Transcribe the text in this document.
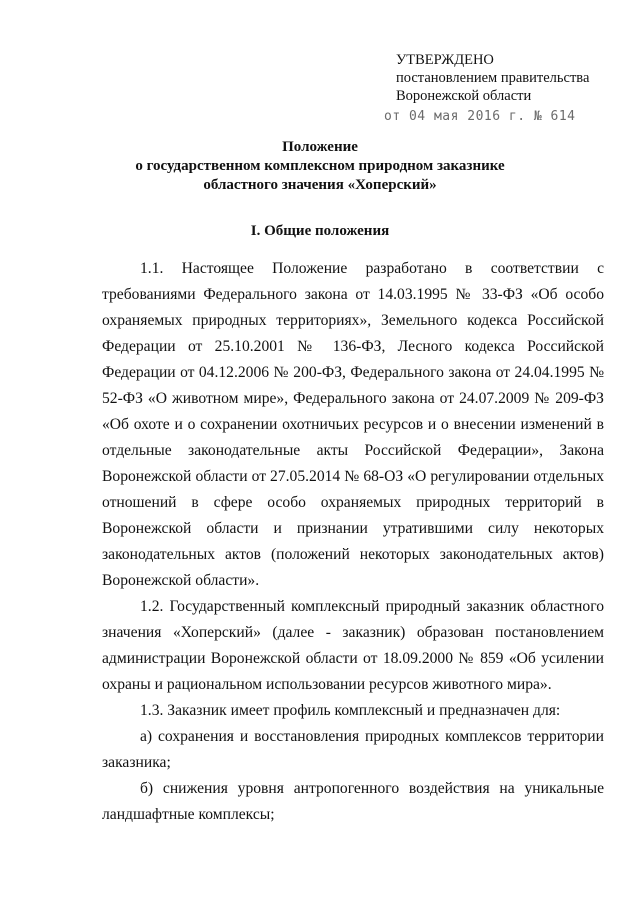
УТВЕРЖДЕНО
постановлением правительства
Воронежской области
от 04 мая 2016 г. № 614
Положение
о государственном комплексном природном заказнике областного значения «Хоперский»
I. Общие положения

1.1. Настоящее Положение разработано в соответствии с требованиями Федерального закона от 14.03.1995 № 33-ФЗ «Об особо охраняемых природных территориях», Земельного кодекса Российской Федерации от 25.10.2001 № 136-ФЗ, Лесного кодекса Российской Федерации от 04.12.2006 № 200-ФЗ, Федерального закона от 24.04.1995 № 52-ФЗ «О животном мире», Федерального закона от 24.07.2009 № 209-ФЗ «Об охоте и о сохранении охотничьих ресурсов и о внесении изменений в отдельные законодательные акты Российской Федерации», Закона Воронежской области от 27.05.2014 № 68-ОЗ «О регулировании отдельных отношений в сфере особо охраняемых природных территорий в Воронежской области и признании утратившими силу некоторых законодательных актов (положений некоторых законодательных актов) Воронежской области».

1.2. Государственный комплексный природный заказник областного значения «Хоперский» (далее - заказник) образован постановлением администрации Воронежской области от 18.09.2000 № 859 «Об усилении охраны и рациональном использовании ресурсов животного мира».

1.3. Заказник имеет профиль комплексный и предназначен для:

а) сохранения и восстановления природных комплексов территории заказника;

б) снижения уровня антропогенного воздействия на уникальные ландшафтные комплексы;
